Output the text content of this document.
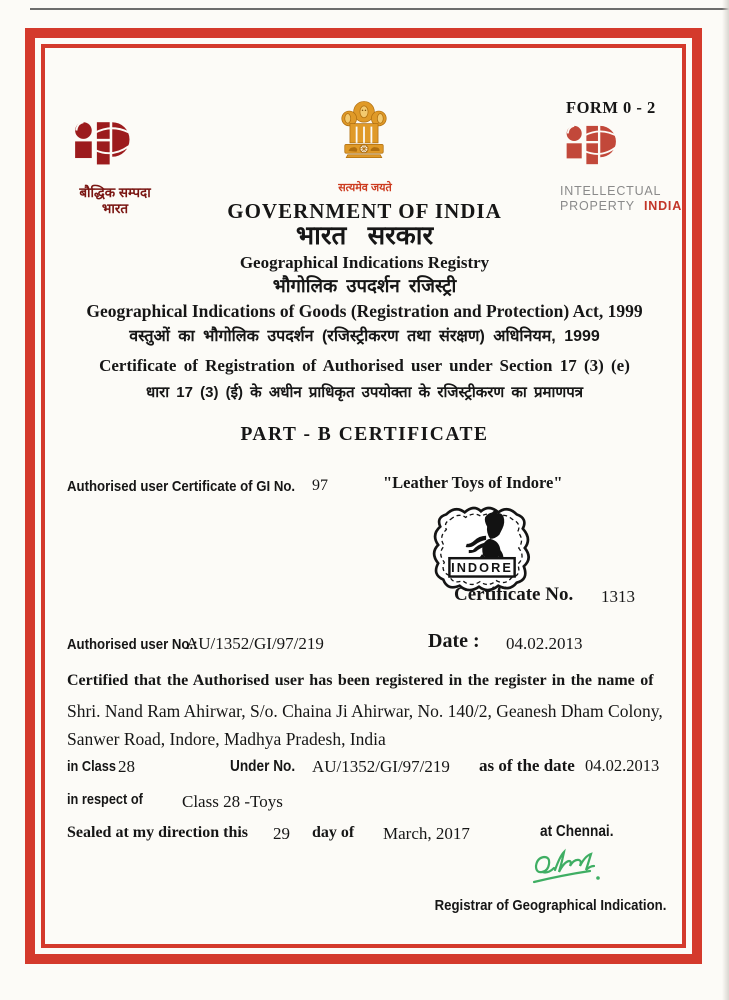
बौद्धिक सम्पदा
भारत
सत्यमेव जयते
FORM 0 - 2
INTELLECTUAL
PROPERTY INDIA
GOVERNMENT OF INDIA
भारत सरकार
Geographical Indications Registry
भौगोलिक उपदर्शन रजिस्ट्री
Geographical Indications of Goods (Registration and Protection) Act, 1999
वस्तुओं का भौगोलिक उपदर्शन (रजिस्ट्रीकरण तथा संरक्षण) अधिनियम, 1999
Certificate of Registration of Authorised user under Section 17 (3) (e)
धारा 17 (3) (ई) के अधीन प्राधिकृत उपयोक्ता के रजिस्ट्रीकरण का प्रमाणपत्र
PART - B CERTIFICATE
Authorised user Certificate of GI No.	97	"Leather Toys of Indore"
INDORE
Certificate No. 1313
Authorised user No.:
AU/1352/GI/97/219	Date : 04.02.2013
Certified that the Authorised user has been registered in the register in the name of
Shri. Nand Ram Ahirwar, S/o. Chaina Ji Ahirwar, No. 140/2, Geanesh Dham Colony,
Sanwer Road, Indore, Madhya Pradesh, India
in Class 28	Under No. AU/1352/GI/97/219 as of the date 04.02.2013
in respect of	Class 28 -Toys
Sealed at my direction this 29 day of March, 2017	at Chennai.
Registrar of Geographical Indication.
